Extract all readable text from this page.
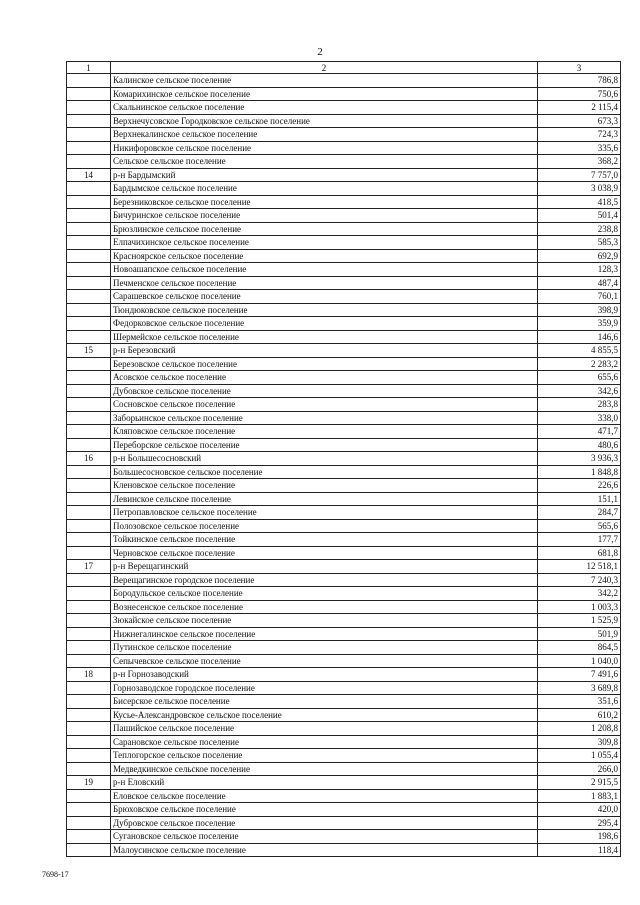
2
1	2	3
	Калинское сельское поселение	786,8
	Комарихинское сельское поселение	750,6
	Скальнинское сельское поселение	2 115,4
	Верхнечусовское Городковское сельское поселение	673,3
	Верхнекалинское сельское поселение	724,3
	Никифоровское сельское поселение	335,6
	Сельское сельское поселение	368,2
14	р-н Бардымский	7 757,0
	Бардымское сельское поселение	3 038,9
	Березниковское сельское поселение	418,5
	Бичуринское сельское поселение	501,4
	Брюзлинское сельское поселение	238,8
	Елпачихинское сельское поселение	585,3
	Красноярское сельское поселение	692,9
	Новоашапское сельское поселение	128,3
	Печменское сельское поселение	487,4
	Сарашевское сельское поселение	760,1
	Тюндюковское сельское поселение	398,9
	Федорковское сельское поселение	359,9
	Шермейское сельское поселение	146,6
15	р-н Березовский	4 855,5
	Березовское сельское поселение	2 283,2
	Асовское сельское поселение	655,6
	Дубовское сельское поселение	342,6
	Сосновское сельское поселение	283,8
	Заборьинское сельское поселение	338,0
	Кляповское сельское поселение	471,7
	Переборское сельское поселение	480,6
16	р-н Большесосновский	3 936,3
	Большесосновское сельское поселение	1 848,8
	Кленовское сельское поселение	226,6
	Левинское сельское поселение	151,1
	Петропавловское сельское поселение	284,7
	Полозовское сельское поселение	565,6
	Тойкинское сельское поселение	177,7
	Черновское сельское поселение	681,8
17	р-н Верещагинский	12 518,1
	Верещагинское городское поселение	7 240,3
	Бородульское сельское поселение	342,2
	Вознесенское сельское поселение	1 003,3
	Зюкайское сельское поселение	1 525,9
	Нижнегалинское сельское поселение	501,9
	Путинское сельское поселение	864,5
	Сепычевское сельское поселение	1 040,0
18	р-н Горнозаводский	7 491,6
	Горнозаводское городское поселение	3 689,8
	Бисерское сельское поселение	351,6
	Кусье-Александровское сельское поселение	610,2
	Пашийское сельское поселение	1 208,8
	Сарановское сельское поселение	309,8
	Теплогорское сельское поселение	1 055,4
	Медведкинское сельское поселение	266,0
19	р-н Еловский	2 915,5
	Еловское сельское поселение	1 883,1
	Брюховское сельское поселение	420,0
	Дубровское сельское поселение	295,4
	Сугановское сельское поселение	198,6
	Малоусинское сельское поселение	118,4
7698-17
